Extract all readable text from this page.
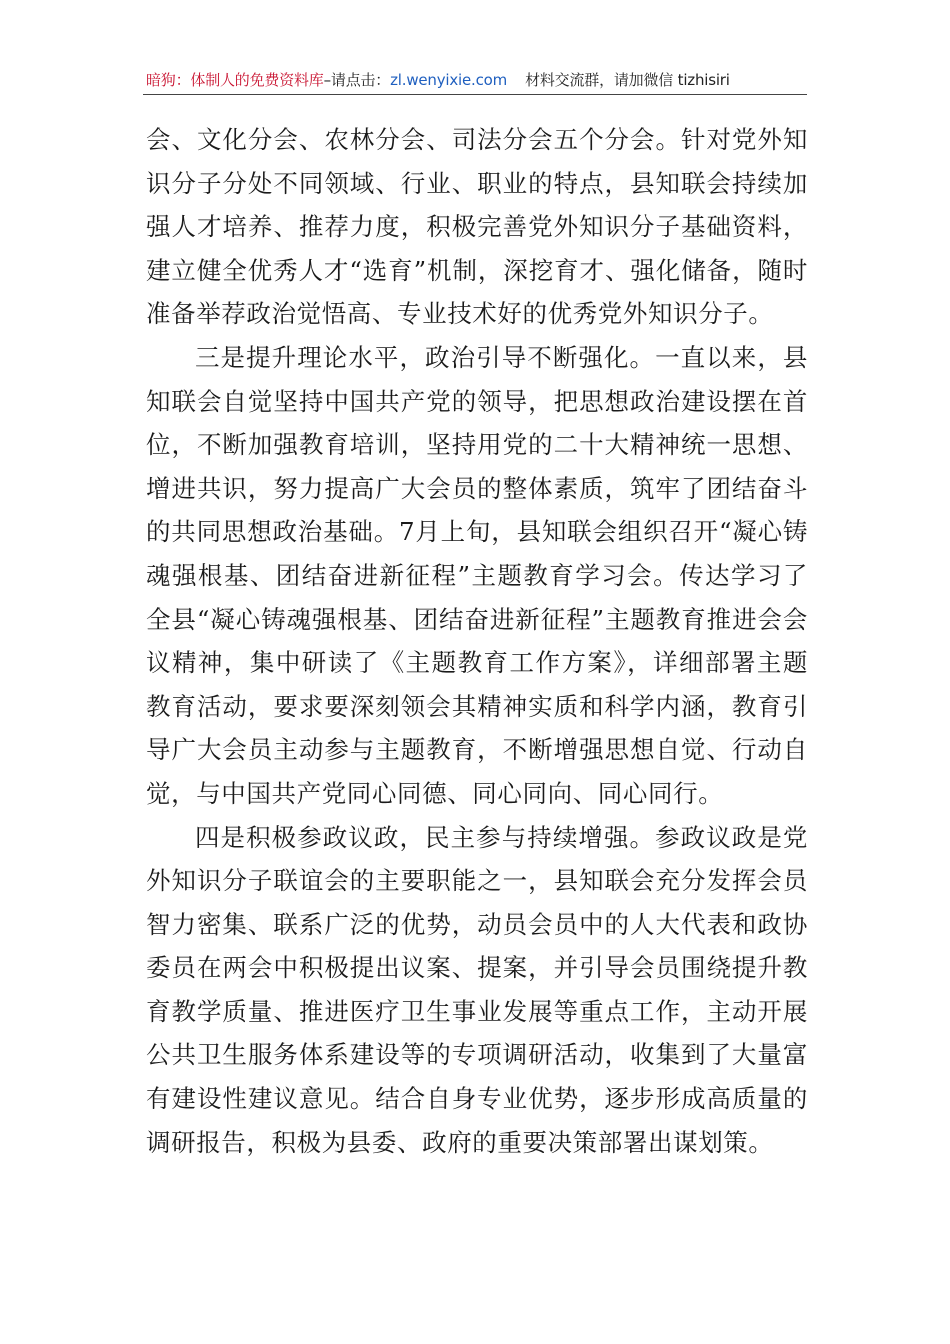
暗狗：体制人的免费资料库–请点击：zl.wenyixie.com 材料交流群，请加微信 tizhisiri

会、文化分会、农林分会、司法分会五个分会。针对党外知识分子分处不同领域、行业、职业的特点，县知联会持续加强人才培养、推荐力度，积极完善党外知识分子基础资料，建立健全优秀人才“选育”机制，深挖育才、强化储备，随时准备举荐政治觉悟高、专业技术好的优秀党外知识分子。

三是提升理论水平，政治引导不断强化。一直以来，县知联会自觉坚持中国共产党的领导，把思想政治建设摆在首位，不断加强教育培训，坚持用党的二十大精神统一思想、增进共识，努力提高广大会员的整体素质，筑牢了团结奋斗的共同思想政治基础。7月上旬，县知联会组织召开“凝心铸魂强根基、团结奋进新征程”主题教育学习会。传达学习了全县“凝心铸魂强根基、团结奋进新征程”主题教育推进会会议精神，集中研读了《主题教育工作方案》，详细部署主题教育活动，要求要深刻领会其精神实质和科学内涵，教育引导广大会员主动参与主题教育，不断增强思想自觉、行动自觉，与中国共产党同心同德、同心同向、同心同行。

四是积极参政议政，民主参与持续增强。参政议政是党外知识分子联谊会的主要职能之一，县知联会充分发挥会员智力密集、联系广泛的优势，动员会员中的人大代表和政协委员在两会中积极提出议案、提案，并引导会员围绕提升教育教学质量、推进医疗卫生事业发展等重点工作，主动开展公共卫生服务体系建设等的专项调研活动，收集到了大量富有建设性建议意见。结合自身专业优势，逐步形成高质量的调研报告，积极为县委、政府的重要决策部署出谋划策。
